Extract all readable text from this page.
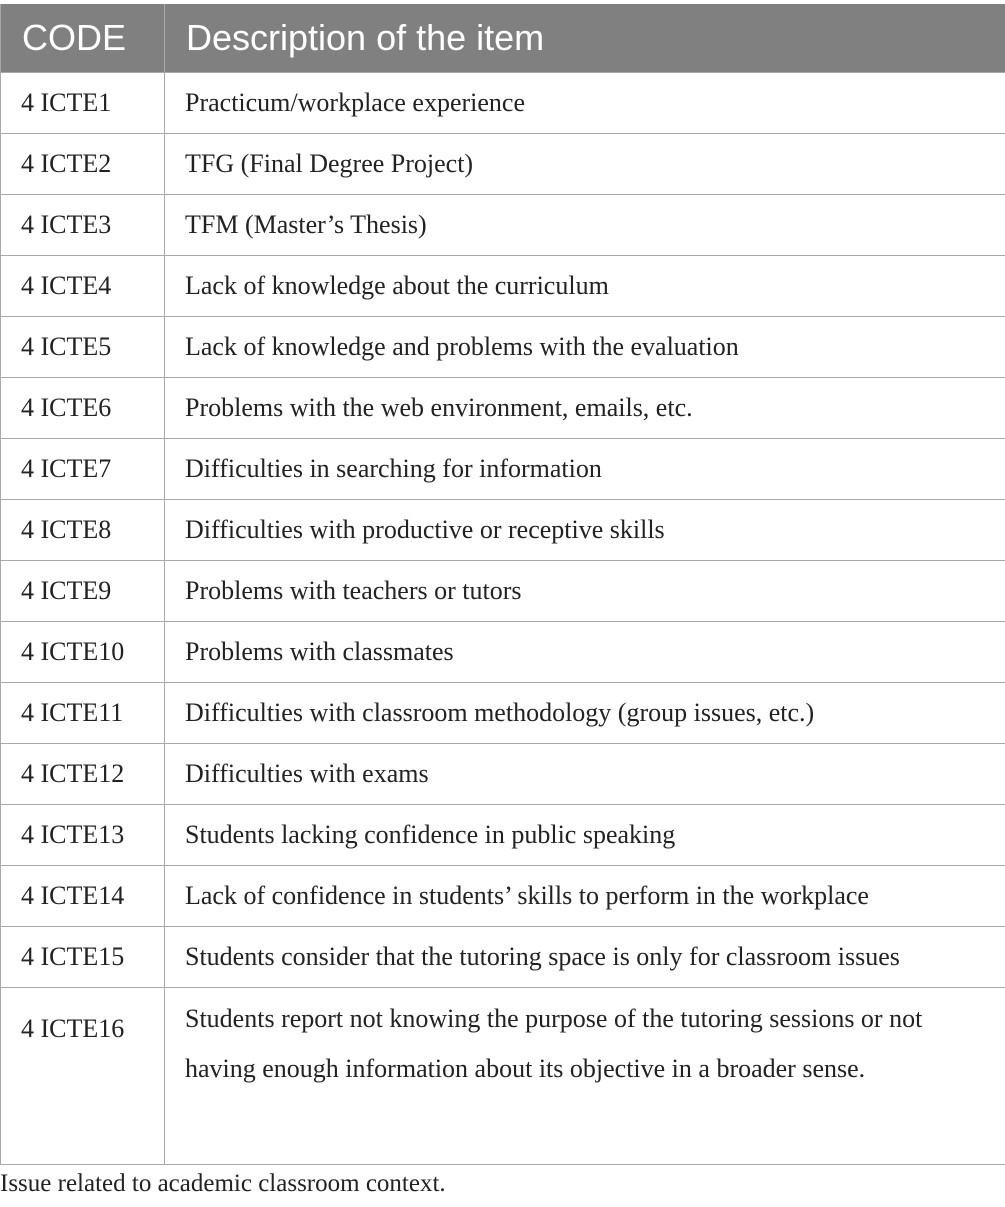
CODE	Description of the item
4 ICTE1	Practicum/workplace experience
4 ICTE2	TFG (Final Degree Project)
4 ICTE3	TFM (Master’s Thesis)
4 ICTE4	Lack of knowledge about the curriculum
4 ICTE5	Lack of knowledge and problems with the evaluation
4 ICTE6	Problems with the web environment, emails, etc.
4 ICTE7	Difficulties in searching for information
4 ICTE8	Difficulties with productive or receptive skills
4 ICTE9	Problems with teachers or tutors
4 ICTE10	Problems with classmates
4 ICTE11	Difficulties with classroom methodology (group issues, etc.)
4 ICTE12	Difficulties with exams
4 ICTE13	Students lacking confidence in public speaking
4 ICTE14	Lack of confidence in students’ skills to perform in the workplace
4 ICTE15	Students consider that the tutoring space is only for classroom issues
4 ICTE16	Students report not knowing the purpose of the tutoring sessions or not having enough information about its objective in a broader sense.

Issue related to academic classroom context.
